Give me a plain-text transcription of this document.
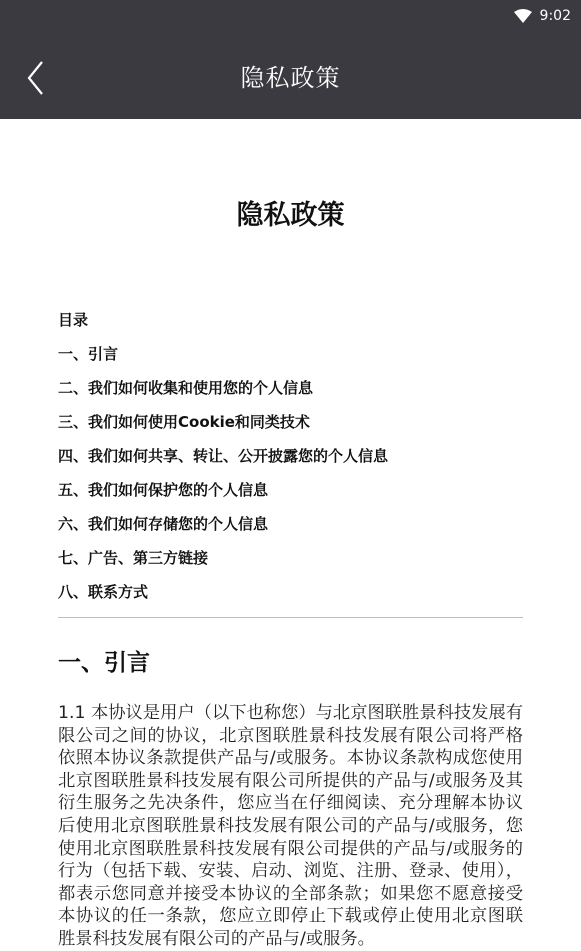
9:02
隐私政策
隐私政策
目录
一、引言
二、我们如何收集和使用您的个人信息
三、我们如何使用Cookie和同类技术
四、我们如何共享、转让、公开披露您的个人信息
五、我们如何保护您的个人信息
六、我们如何存储您的个人信息
七、广告、第三方链接
八、联系方式
一、引言
1.1 本协议是用户（以下也称您）与北京图联胜景科技发展有限公司之间的协议，北京图联胜景科技发展有限公司将严格依照本协议条款提供产品与/或服务。本协议条款构成您使用北京图联胜景科技发展有限公司所提供的产品与/或服务及其衍生服务之先决条件，您应当在仔细阅读、充分理解本协议后使用北京图联胜景科技发展有限公司的产品与/或服务，您使用北京图联胜景科技发展有限公司提供的产品与/或服务的行为（包括下载、安装、启动、浏览、注册、登录、使用），都表示您同意并接受本协议的全部条款；如果您不愿意接受本协议的任一条款，您应立即停止下载或停止使用北京图联胜景科技发展有限公司的产品与/或服务。
